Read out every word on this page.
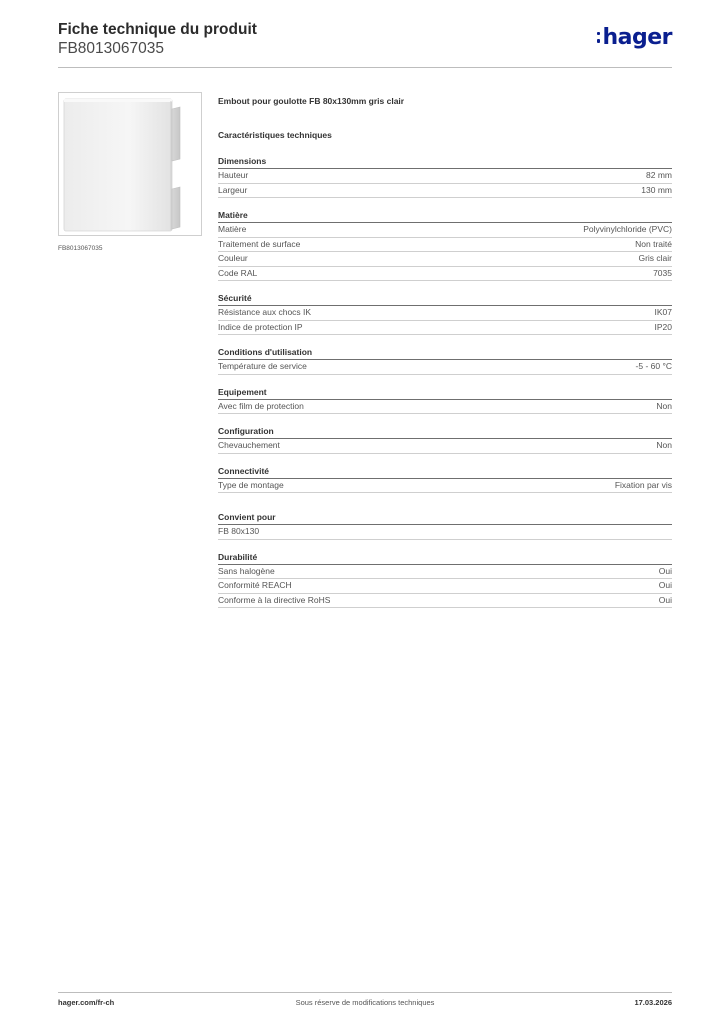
Fiche technique du produit

FB8013067035	hager
FB8013067035

Embout pour goulotte FB 80x130mm gris clair

Caractéristiques techniques

Dimensions
Hauteur	82 mm
Largeur	130 mm
Matière
Matière	Polyvinylchloride (PVC)
Traitement de surface	Non traité
Couleur	Gris clair
Code RAL	7035
Sécurité
Résistance aux chocs IK	IK07
Indice de protection IP	IP20
Conditions d'utilisation
Température de service	-5 - 60 °C
Equipement
Avec film de protection	Non
Configuration
Chevauchement	Non
Connectivité
Type de montage	Fixation par vis
Convient pour
FB 80x130
Durabilité
Sans halogène	Oui
Conformité REACH	Oui
Conforme à la directive RoHS	Oui
hager.com/fr-ch	Sous réserve de modifications techniques	17.03.2026
